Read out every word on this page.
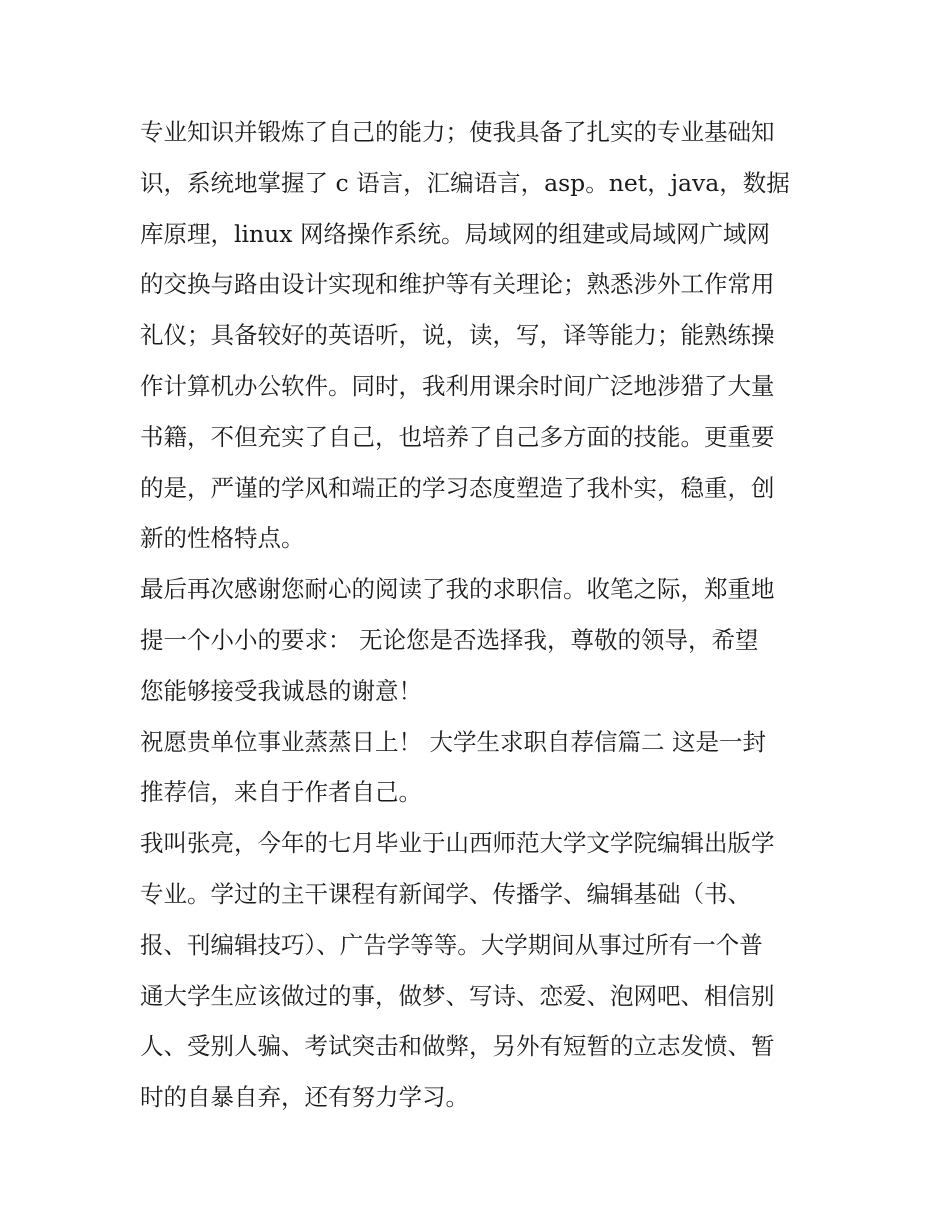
专业知识并锻炼了自己的能力；使我具备了扎实的专业基础知
识，系统地掌握了 c 语言，汇编语言，asp。net，java，数据
库原理，linux 网络操作系统。局域网的组建或局域网广域网
的交换与路由设计实现和维护等有关理论；熟悉涉外工作常用
礼仪；具备较好的英语听，说，读，写，译等能力；能熟练操
作计算机办公软件。同时，我利用课余时间广泛地涉猎了大量
书籍，不但充实了自己，也培养了自己多方面的技能。更重要
的是，严谨的学风和端正的学习态度塑造了我朴实，稳重，创
新的性格特点。
最后再次感谢您耐心的阅读了我的求职信。收笔之际，郑重地
提一个小小的要求： 无论您是否选择我，尊敬的领导，希望
您能够接受我诚恳的谢意！
祝愿贵单位事业蒸蒸日上！ 大学生求职自荐信篇二 这是一封
推荐信，来自于作者自己。
我叫张亮，今年的七月毕业于山西师范大学文学院编辑出版学
专业。学过的主干课程有新闻学、传播学、编辑基础（书、
报、刊编辑技巧）、广告学等等。大学期间从事过所有一个普
通大学生应该做过的事，做梦、写诗、恋爱、泡网吧、相信别
人、受别人骗、考试突击和做弊，另外有短暂的立志发愤、暂
时的自暴自弃，还有努力学习。
